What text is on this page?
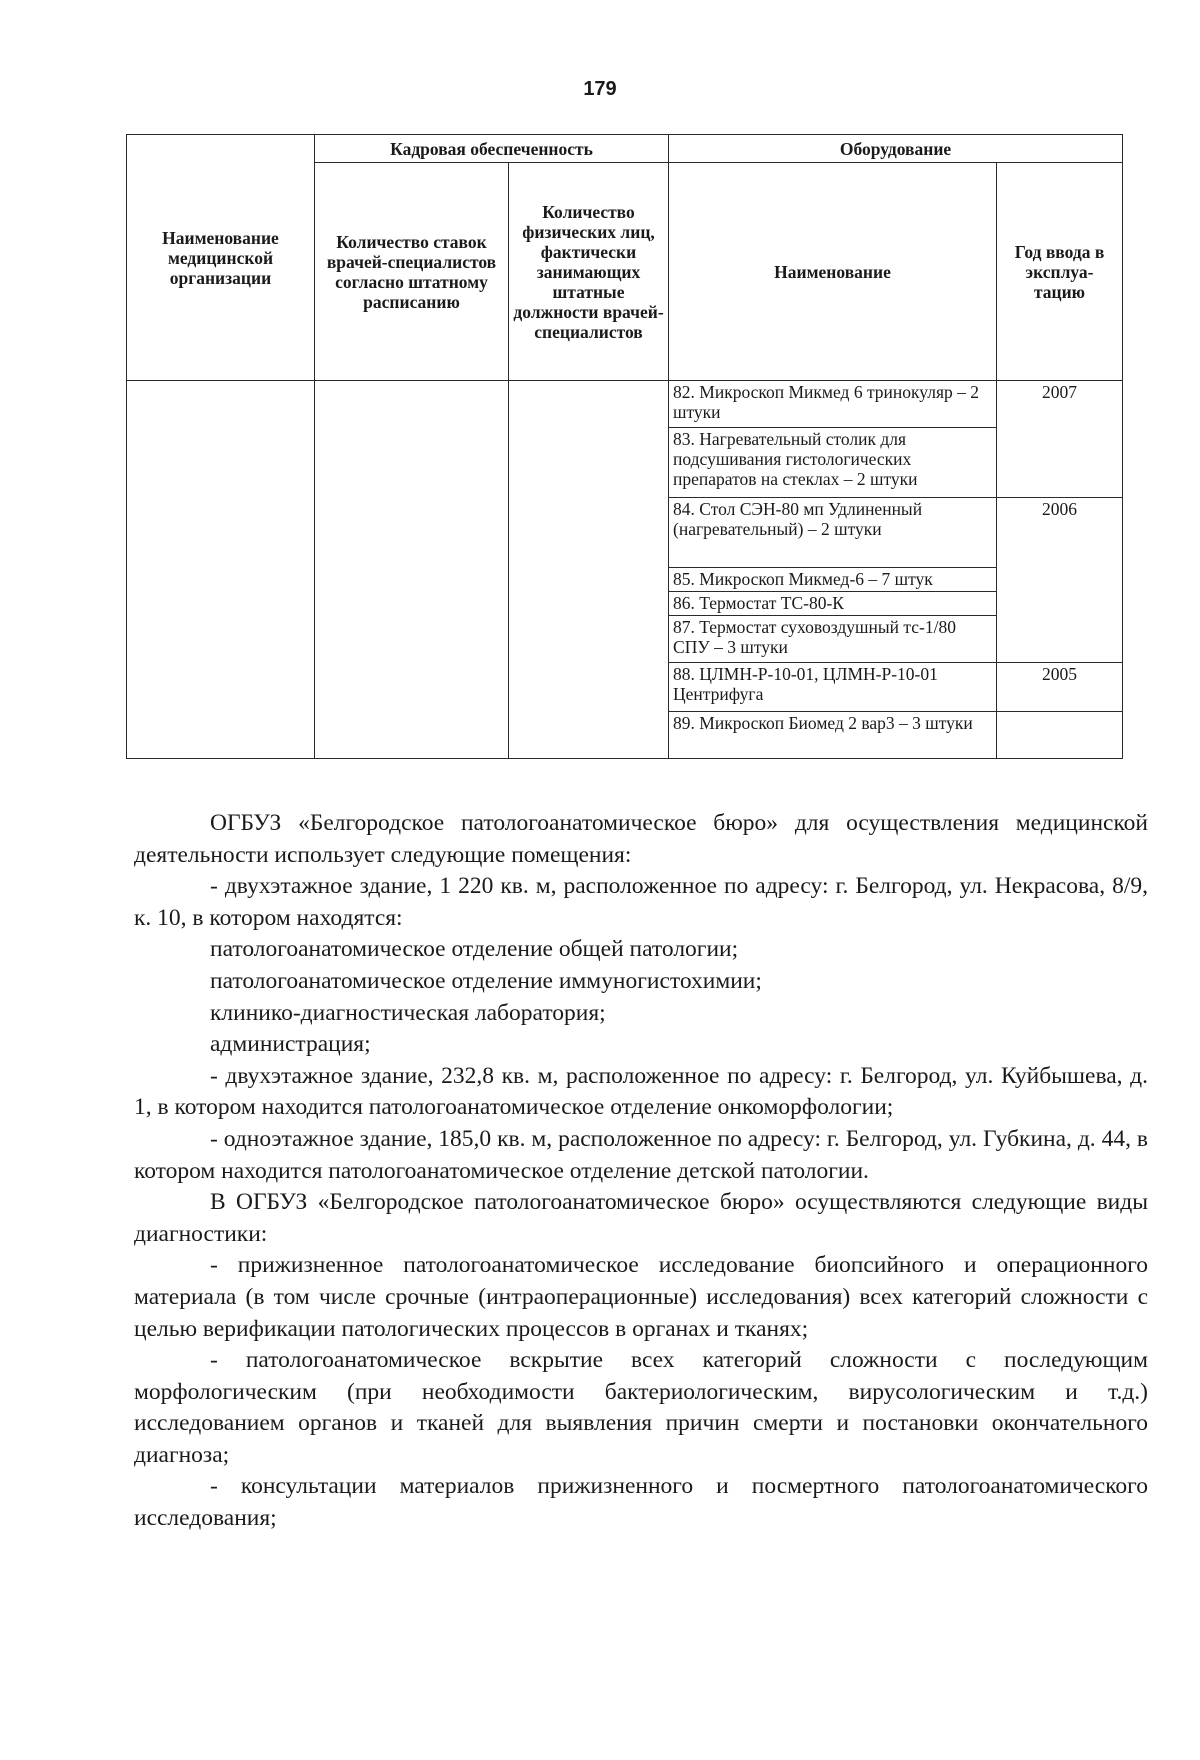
179
Наименование медицинской организации	Кадровая обеспеченность		Оборудование	

	Количество ставок врачей-специалистов согласно штатному расписанию	Количество физических лиц, фактически занимающих штатные должности врачей-специалистов	Наименование	Год ввода в эксплуа-тацию

			82. Микроскоп Микмед 6 тринокуляр – 2 штуки	2007
			83. Нагревательный столик для подсушивания гистологических препаратов на стеклах – 2 штуки	
			84. Стол СЭН-80 мп Удлиненный (нагревательный) – 2 штуки	2006
			85. Микроскоп Микмед-6 – 7 штук	
			86. Термостат ТС-80-К	
			87. Термостат суховоздушный тс-1/80 СПУ – 3 штуки	
			88. ЦЛМН-Р-10-01, ЦЛМН-Р-10-01 Центрифуга	2005
			89. Микроскоп Биомед 2 вар3 – 3 штуки	

ОГБУЗ «Белгородское патологоанатомическое бюро» для осуществления медицинской деятельности использует следующие помещения:

- двухэтажное здание, 1 220 кв. м, расположенное по адресу: г. Белгород, ул. Некрасова, 8/9, к. 10, в котором находятся:

патологоанатомическое отделение общей патологии;

патологоанатомическое отделение иммуногистохимии;

клинико-диагностическая лаборатория;

администрация;

- двухэтажное здание, 232,8 кв. м, расположенное по адресу: г. Белгород, ул. Куйбышева, д. 1, в котором находится патологоанатомическое отделение онкоморфологии;

- одноэтажное здание, 185,0 кв. м, расположенное по адресу: г. Белгород, ул. Губкина, д. 44, в котором находится патологоанатомическое отделение детской патологии.

В ОГБУЗ «Белгородское патологоанатомическое бюро» осуществляются следующие виды диагностики:

- прижизненное патологоанатомическое исследование биопсийного и операционного материала (в том числе срочные (интраоперационные) исследования) всех категорий сложности с целью верификации патологических процессов в органах и тканях;

- патологоанатомическое вскрытие всех категорий сложности с последующим морфологическим (при необходимости бактериологическим, вирусологическим и т.д.) исследованием органов и тканей для выявления причин смерти и постановки окончательного диагноза;

- консультации материалов прижизненного и посмертного патологоанатомического исследования;
